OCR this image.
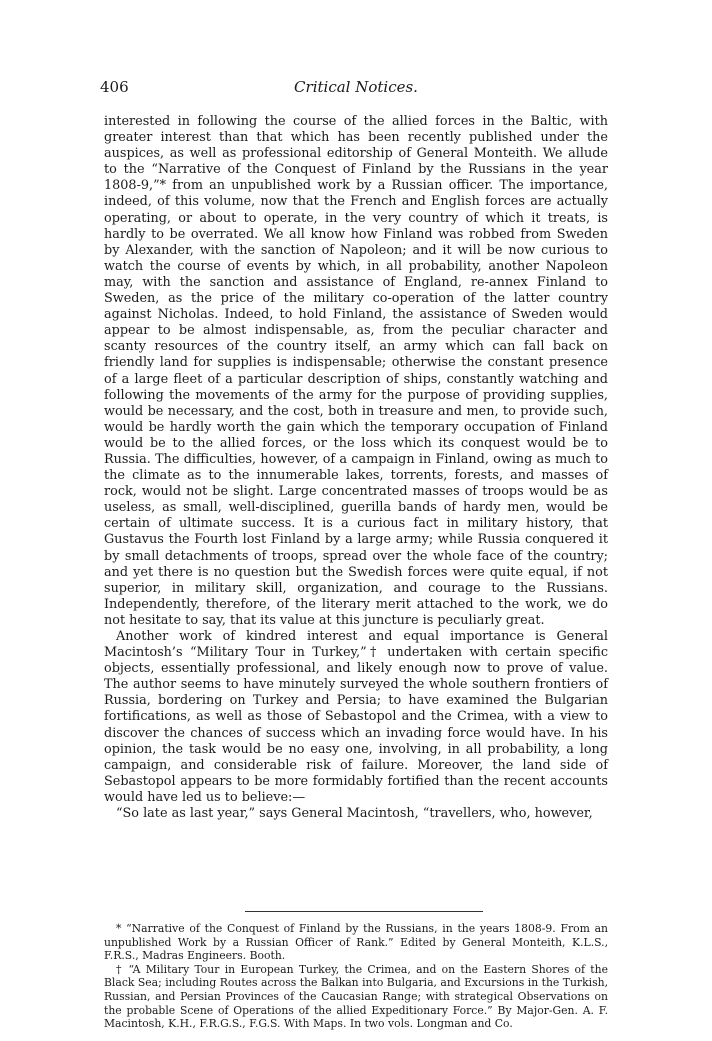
406	Critical Notices.

interested in following the course of the allied forces in the Baltic, with greater interest than that which has been recently published under the auspices, as well as professional editorship of General Monteith. We allude to the “Narrative of the Conquest of Finland by the Russians in the year 1808-9,”* from an unpublished work by a Russian officer. The importance, indeed, of this volume, now that the French and English forces are actually operating, or about to operate, in the very country of which it treats, is hardly to be overrated. We all know how Finland was robbed from Sweden by Alexander, with the sanction of Napoleon; and it will be now curious to watch the course of events by which, in all probability, another Napoleon may, with the sanction and assistance of England, re-annex Finland to Sweden, as the price of the military co-operation of the latter country against Nicholas. Indeed, to hold Finland, the assistance of Sweden would appear to be almost indispensable, as, from the peculiar character and scanty resources of the country itself, an army which can fall back on friendly land for supplies is indispensable; otherwise the constant presence of a large fleet of a particular description of ships, constantly watching and following the movements of the army for the purpose of providing supplies, would be necessary, and the cost, both in treasure and men, to provide such, would be hardly worth the gain which the temporary occupation of Finland would be to the allied forces, or the loss which its conquest would be to Russia. The difficulties, however, of a campaign in Finland, owing as much to the climate as to the innumerable lakes, torrents, forests, and masses of rock, would not be slight. Large concentrated masses of troops would be as useless, as small, well-disciplined, guerilla bands of hardy men, would be certain of ultimate success. It is a curious fact in military history, that Gustavus the Fourth lost Finland by a large army; while Russia conquered it by small detachments of troops, spread over the whole face of the country; and yet there is no question but the Swedish forces were quite equal, if not superior, in military skill, organization, and courage to the Russians. Independently, therefore, of the literary merit attached to the work, we do not hesitate to say, that its value at this juncture is peculiarly great.

Another work of kindred interest and equal importance is General Macintosh’s “Military Tour in Turkey,”† undertaken with certain specific objects, essentially professional, and likely enough now to prove of value. The author seems to have minutely surveyed the whole southern frontiers of Russia, bordering on Turkey and Persia; to have examined the Bulgarian fortifications, as well as those of Sebastopol and the Crimea, with a view to discover the chances of success which an invading force would have. In his opinion, the task would be no easy one, involving, in all probability, a long campaign, and considerable risk of failure. Moreover, the land side of Sebastopol appears to be more formidably fortified than the recent accounts would have led us to believe:—

“So late as last year,” says General Macintosh, “travellers, who, however,

* “Narrative of the Conquest of Finland by the Russians, in the years 1808-9. From an unpublished Work by a Russian Officer of Rank.” Edited by General Monteith, K.L.S., F.R.S., Madras Engineers. Booth.

† “A Military Tour in European Turkey, the Crimea, and on the Eastern Shores of the Black Sea; including Routes across the Balkan into Bulgaria, and Excursions in the Turkish, Russian, and Persian Provinces of the Caucasian Range; with strategical Observations on the probable Scene of Operations of the allied Expeditionary Force.” By Major-Gen. A. F. Macintosh, K.H., F.R.G.S., F.G.S. With Maps. In two vols. Longman and Co.
